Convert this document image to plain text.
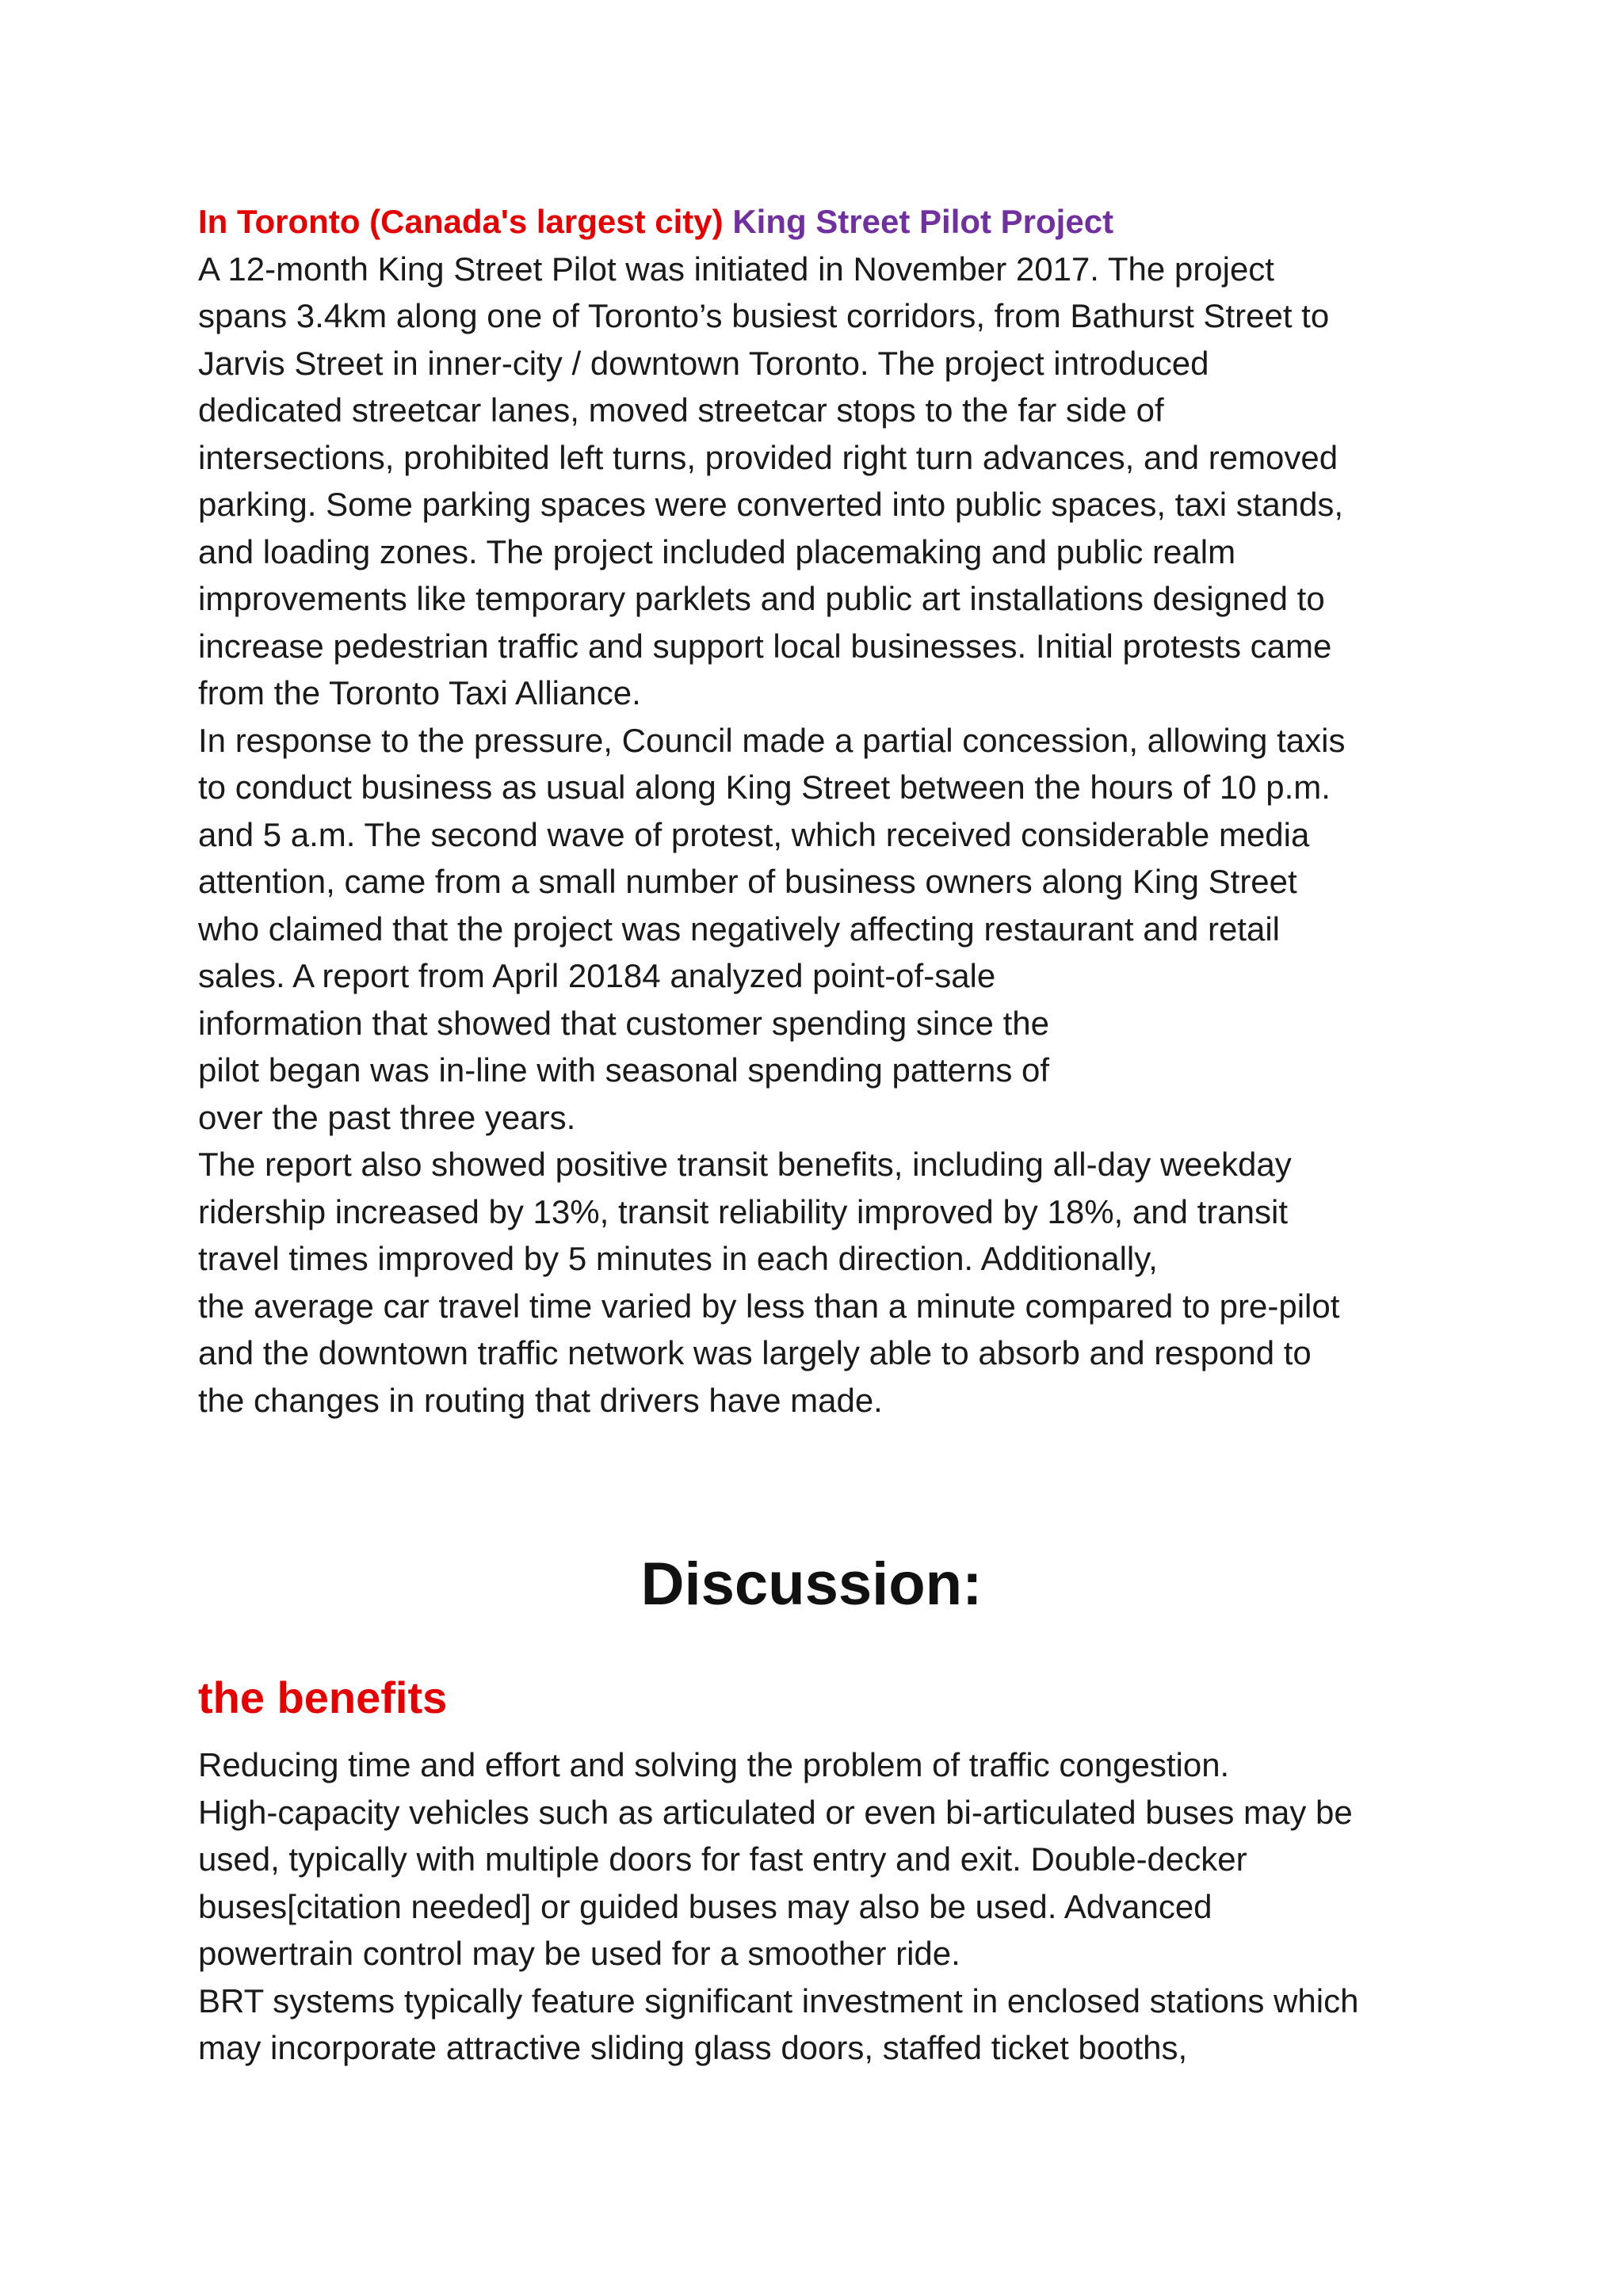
In Toronto (Canada's largest city) King Street Pilot Project
A 12-month King Street Pilot was initiated in November 2017. The project
spans 3.4km along one of Toronto’s busiest corridors, from Bathurst Street to
Jarvis Street in inner-city / downtown Toronto. The project introduced
dedicated streetcar lanes, moved streetcar stops to the far side of
intersections, prohibited left turns, provided right turn advances, and removed
parking. Some parking spaces were converted into public spaces, taxi stands,
and loading zones. The project included placemaking and public realm
improvements like temporary parklets and public art installations designed to
increase pedestrian traffic and support local businesses. Initial protests came
from the Toronto Taxi Alliance.
In response to the pressure, Council made a partial concession, allowing taxis
to conduct business as usual along King Street between the hours of 10 p.m.
and 5 a.m. The second wave of protest, which received considerable media
attention, came from a small number of business owners along King Street
who claimed that the project was negatively affecting restaurant and retail
sales. A report from April 20184 analyzed point-of-sale
information that showed that customer spending since the
pilot began was in-line with seasonal spending patterns of
over the past three years.
The report also showed positive transit benefits, including all-day weekday
ridership increased by 13%, transit reliability improved by 18%, and transit
travel times improved by 5 minutes in each direction. Additionally,
the average car travel time varied by less than a minute compared to pre-pilot
and the downtown traffic network was largely able to absorb and respond to
the changes in routing that drivers have made.
Discussion:
the benefits
Reducing time and effort and solving the problem of traffic congestion.
High-capacity vehicles such as articulated or even bi-articulated buses may be
used, typically with multiple doors for fast entry and exit. Double-decker
buses[citation needed] or guided buses may also be used. Advanced
powertrain control may be used for a smoother ride.
BRT systems typically feature significant investment in enclosed stations which
may incorporate attractive sliding glass doors, staffed ticket booths,
